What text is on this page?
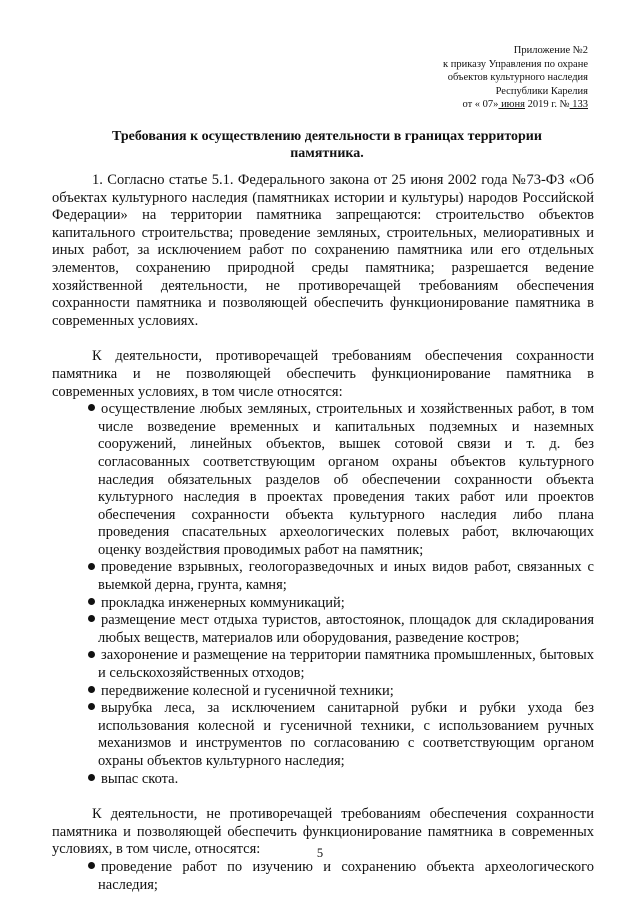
Приложение №2
к приказу Управления по охране
объектов культурного наследия
Республики Карелия
от « 07» июня 2019 г. № 133
Требования к осуществлению деятельности в границах территории памятника.

1. Согласно статье 5.1. Федерального закона от 25 июня 2002 года №73-ФЗ «Об объектах культурного наследия (памятниках истории и культуры) народов Российской Федерации» на территории памятника запрещаются: строительство объектов капитального строительства; проведение земляных, строительных, мелиоративных и иных работ, за исключением работ по сохранению памятника или его отдельных элементов, сохранению природной среды памятника; разрешается ведение хозяйственной деятельности, не противоречащей требованиям обеспечения сохранности памятника и позволяющей обеспечить функционирование памятника в современных условиях.

К деятельности, противоречащей требованиям обеспечения сохранности памятника и не позволяющей обеспечить функционирование памятника в современных условиях, в том числе относятся:

осуществление любых земляных, строительных и хозяйственных работ, в том числе возведение временных и капитальных подземных и наземных сооружений, линейных объектов, вышек сотовой связи и т. д. без согласованных соответствующим органом охраны объектов культурного наследия обязательных разделов об обеспечении сохранности объекта культурного наследия в проектах проведения таких работ или проектов обеспечения сохранности объекта культурного наследия либо плана проведения спасательных археологических полевых работ, включающих оценку воздействия проводимых работ на памятник;
проведение взрывных, геологоразведочных и иных видов работ, связанных с выемкой дерна, грунта, камня;
прокладка инженерных коммуникаций;
размещение мест отдыха туристов, автостоянок, площадок для складирования любых веществ, материалов или оборудования, разведение костров;
захоронение и размещение на территории памятника промышленных, бытовых и сельскохозяйственных отходов;
передвижение колесной и гусеничной техники;
вырубка леса, за исключением санитарной рубки и рубки ухода без использования колесной и гусеничной техники, с использованием ручных механизмов и инструментов по согласованию с соответствующим органом охраны объектов культурного наследия;
выпас скота.

К деятельности, не противоречащей требованиям обеспечения сохранности памятника и позволяющей обеспечить функционирование памятника в современных условиях, в том числе, относятся:

проведение работ по изучению и сохранению объекта археологического наследия;
5
